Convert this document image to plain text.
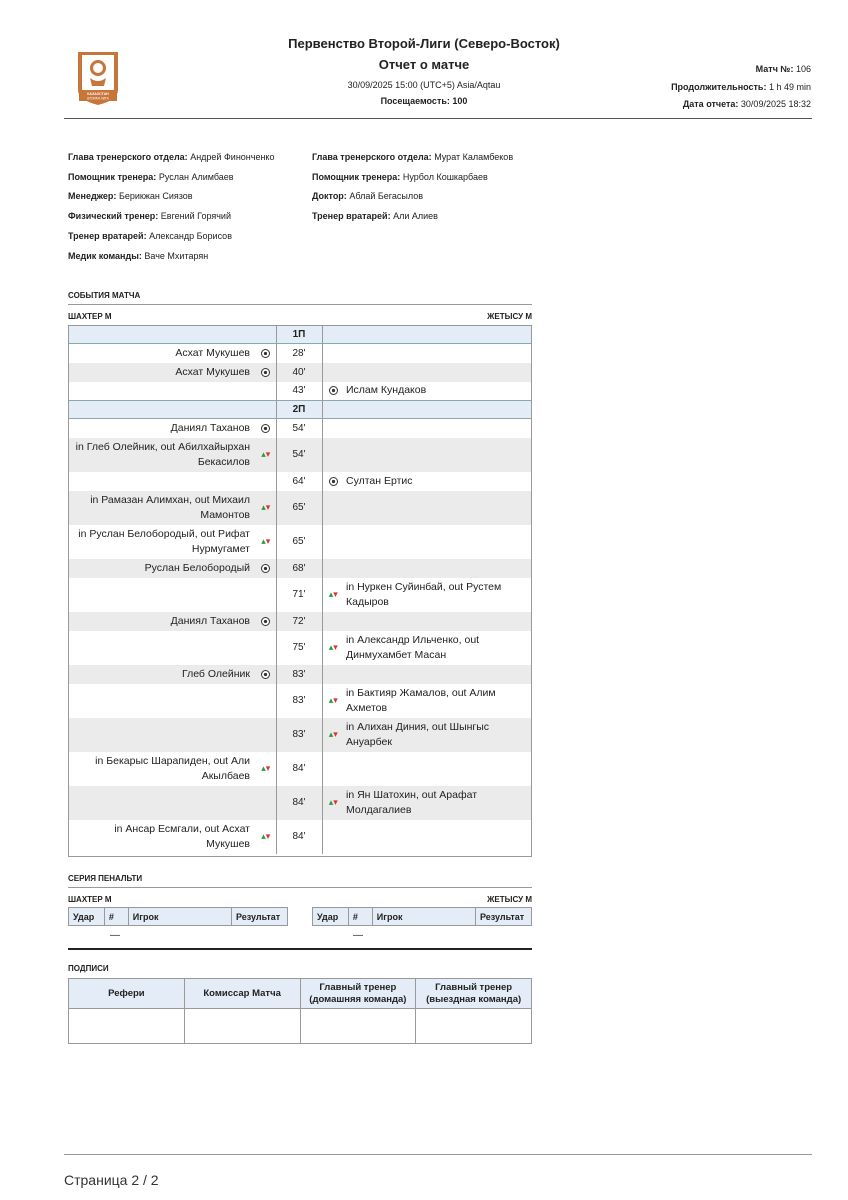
КАЗАХСТАН
ВТОРАЯ ЛИГА
Первенство Второй-Лиги (Северо-Восток)
Отчет о матче
30/09/2025 15:00 (UTC+5) Asia/Aqtau
Посещаемость: 100
Матч №: 106
Продолжительность: 1 h 49 min
Дата отчета: 30/09/2025 18:32
Глава тренерского отдела: Андрей Финонченко
Помощник тренера: Руслан Алимбаев
Менеджер: Берикжан Сиязов
Физический тренер: Евгений Горячий
Тренер вратарей: Александр Борисов
Медик команды: Ваче Мхитарян
Глава тренерского отдела: Мурат Каламбеков
Помощник тренера: Нурбол Кошкарбаев
Доктор: Аблай Бегасылов
Тренер вратарей: Али Алиев
СОБЫТИЯ МАТЧА
ШАХТЕР М	ЖЕТЫСУ М
		1П		
Асхат Мукушев		28'		
Асхат Мукушев		40'		
		43'		Ислам Кундаков
		2П		
Даниял Таханов		54'		
in Глеб Олейник, out Абилхайырхан Бекасилов	▴▾	54'		
		64'		Султан Ертис
in Рамазан Алимхан, out Михаил Мамонтов	▴▾	65'		
in Руслан Белобородый, out Рифат Нурмугамет	▴▾	65'		
Руслан Белобородый		68'		
		71'	▴▾	in Нуркен Суйинбай, out Рустем Кадыров
Даниял Таханов		72'		
		75'	▴▾	in Александр Ильченко, out Динмухамбет Масан
Глеб Олейник		83'		
		83'	▴▾	in Бактияр Жамалов, out Алим Ахметов
		83'	▴▾	in Алихан Диния, out Шынгыс Ануарбек
in Бекарыс Шарапиден, out Али Акылбаев	▴▾	84'		
		84'	▴▾	in Ян Шатохин, out Арафат Молдагалиев
in Ансар Есмгали, out Асхат Мукушев	▴▾	84'		
СЕРИЯ ПЕНАЛЬТИ
ШАХТЕР М	ЖЕТЫСУ М
Удар	#	Игрок	Результат
—
Удар	#	Игрок	Результат
—
ПОДПИСИ
Рефери	Комиссар Матча	Главный тренер (домашняя команда)	Главный тренер (выездная команда)

Страница 2 / 2
